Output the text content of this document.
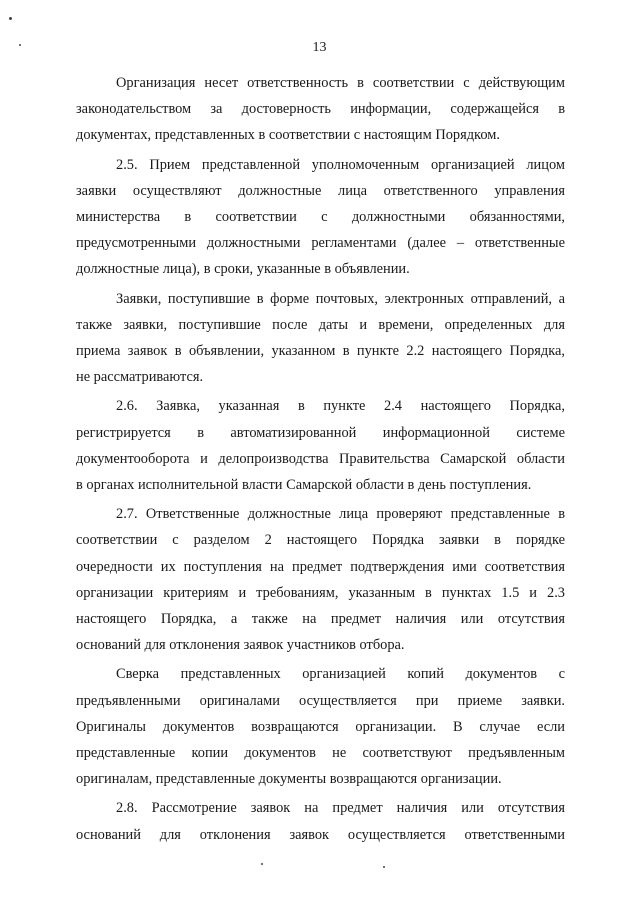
13
Организация несет ответственность в соответствии с действующим
законодательством за достоверность информации, содержащейся в
документах, представленных в соответствии с настоящим Порядком.
2.5. Прием представленной уполномоченным организацией лицом
заявки осуществляют должностные лица ответственного управления
министерства в соответствии с должностными обязанностями,
предусмотренными должностными регламентами (далее – ответственные
должностные лица), в сроки, указанные в объявлении.
Заявки, поступившие в форме почтовых, электронных отправлений, а
также заявки, поступившие после даты и времени, определенных для
приема заявок в объявлении, указанном в пункте 2.2 настоящего Порядка,
не рассматриваются.
2.6. Заявка, указанная в пункте 2.4 настоящего Порядка,
регистрируется в автоматизированной информационной системе
документооборота и делопроизводства Правительства Самарской области
в органах исполнительной власти Самарской области в день поступления.
2.7. Ответственные должностные лица проверяют представленные в
соответствии с разделом 2 настоящего Порядка заявки в порядке
очередности их поступления на предмет подтверждения ими соответствия
организации критериям и требованиям, указанным в пунктах 1.5 и 2.3
настоящего Порядка, а также на предмет наличия или отсутствия
оснований для отклонения заявок участников отбора.
Сверка представленных организацией копий документов с
предъявленными оригиналами осуществляется при приеме заявки.
Оригиналы документов возвращаются организации. В случае если
представленные копии документов не соответствуют предъявленным
оригиналам, представленные документы возвращаются организации.
2.8. Рассмотрение заявок на предмет наличия или отсутствия
оснований для отклонения заявок осуществляется ответственными
